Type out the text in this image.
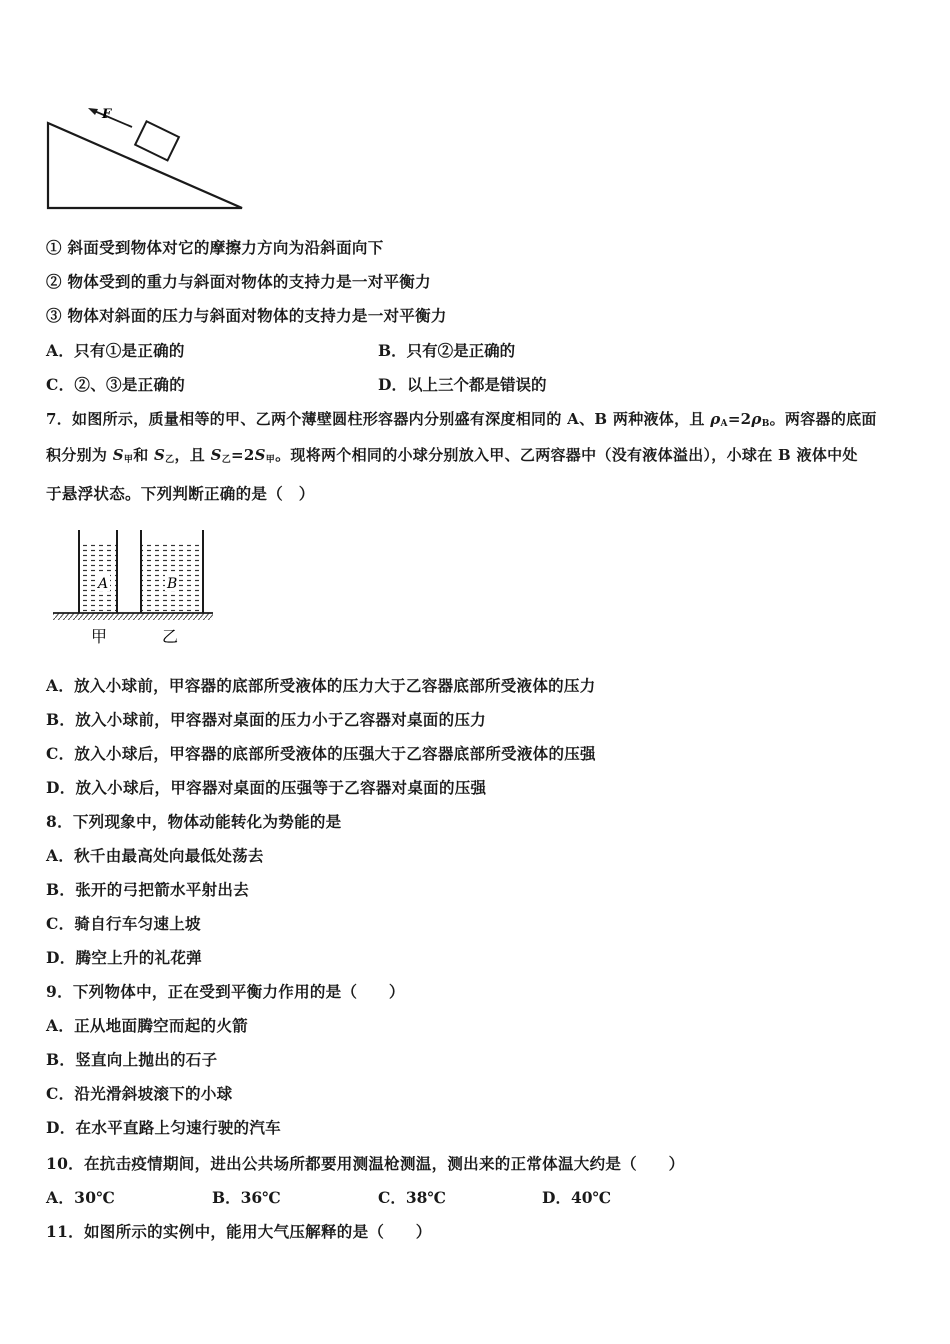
F
① 斜面受到物体对它的摩擦力方向为沿斜面向下
② 物体受到的重力与斜面对物体的支持力是一对平衡力
③ 物体对斜面的压力与斜面对物体的支持力是一对平衡力
A．只有①是正确的	B．只有②是正确的
C．②、③是正确的	D．以上三个都是错误的
7．如图所示，质量相等的甲、乙两个薄壁圆柱形容器内分别盛有深度相同的 A、B 两种液体，且 $\rho_A=2\rho_B$。两容器的底面
积分别为 $S_甲$和 $S_乙$，且 $S_乙=2S_甲$。现将两个相同的小球分别放入甲、乙两容器中（没有液体溢出），小球在 B 液体中处
于悬浮状态。下列判断正确的是（　）
A	B
甲	乙
A．放入小球前，甲容器的底部所受液体的压力大于乙容器底部所受液体的压力
B．放入小球前，甲容器对桌面的压力小于乙容器对桌面的压力
C．放入小球后，甲容器的底部所受液体的压强大于乙容器底部所受液体的压强
D．放入小球后，甲容器对桌面的压强等于乙容器对桌面的压强
8．下列现象中，物体动能转化为势能的是
A．秋千由最高处向最低处荡去
B．张开的弓把箭水平射出去
C．骑自行车匀速上坡
D．腾空上升的礼花弹
9．下列物体中，正在受到平衡力作用的是（　　）
A．正从地面腾空而起的火箭
B．竖直向上抛出的石子
C．沿光滑斜坡滚下的小球
D．在水平直路上匀速行驶的汽车
10．在抗击疫情期间，进出公共场所都要用测温枪测温，测出来的正常体温大约是（　　）
A．30℃	B．36℃	C．38℃	D．40℃
11．如图所示的实例中，能用大气压解释的是（　　）
